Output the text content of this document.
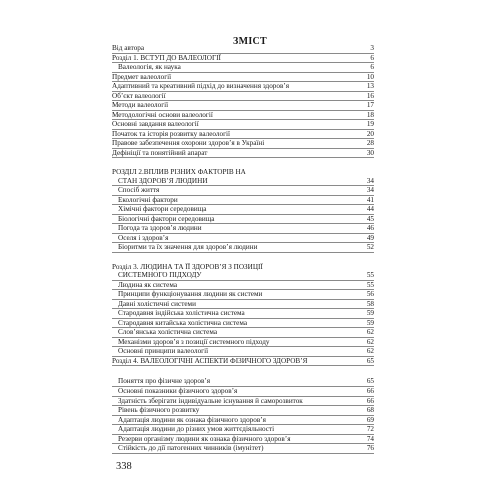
ЗМІСТ
Від автора	3
Розділ 1. ВСТУП ДО ВАЛЕОЛОГІЇ	6
Валеологія, як наука	6
Предмет валеології	10
Адаптивний та креативний підхід до визначення здоров’я	13
Об’єкт валеології	16
Методи валеології	17
Методологічні основи валеології	18
Основні завдання валеології	19
Початок та історія розвитку валеології	20
Правове забезпечення охорони здоров’я в Україні	28
Дефініції та понятійний апарат	30
РОЗДІЛ 2.ВПЛИВ РІЗНИХ ФАКТОРІВ НА
СТАН ЗДОРОВ’Я ЛЮДИНИ	34
Спосіб життя	34
Екологічні фактори	41
Хімічні фактори середовища	44
Біологічні фактори середовища	45
Погода та здоров’я людини	46
Оселя і здоров’я	49
Біоритми та їх значення для здоров’я людини	52
Розділ 3. ЛЮДИНА ТА ЇЇ ЗДОРОВ’Я З ПОЗИЦІЇ
СИСТЕМНОГО ПІДХОДУ	55
Людина як система	55
Принципи функціонування людини як системи	56
Давні холістичні системи	58
Стародавня індійська холістична система	59
Стародавня китайська холістична система	59
Слов’янська холістична система	62
Механізми здоров’я з позиції системного підходу	62
Основні принципи валеології	62
Розділ 4. ВАЛЕОЛОГІЧНІ АСПЕКТИ ФІЗИЧНОГО ЗДОРОВ’Я	65
Поняття про фізичне здоров’я	65
Основні показники фізичного здоров’я	66
Здатність зберігати індивідуальне існування й саморозвиток	66
Рівень фізичного розвитку	68
Адаптація людини як ознака фізичного здоров’я	69
Адаптація людини до різних умов життєдіяльності	72
Резерви організму людини як ознака фізичного здоров’я	74
Стійкість до дії патогенних чинників (імунітет)	76
338
